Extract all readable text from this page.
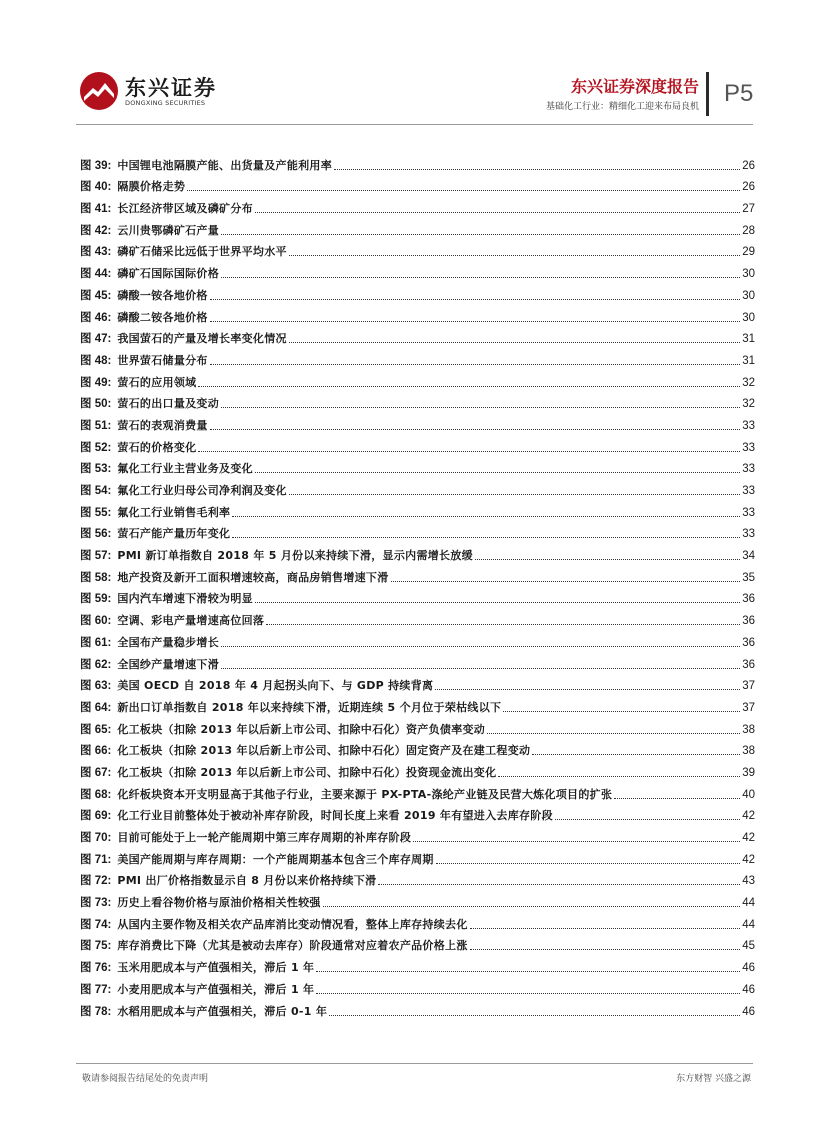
东兴证券
DONGXING SECURITIES
东兴证券深度报告
基础化工行业：精细化工迎来布局良机 P5
图 39: 中国锂电池隔膜产能、出货量及产能利用率	26
图 40: 隔膜价格走势	26
图 41: 长江经济带区域及磷矿分布	27
图 42: 云川贵鄂磷矿石产量	28
图 43: 磷矿石储采比远低于世界平均水平	29
图 44: 磷矿石国际国际价格	30
图 45: 磷酸一铵各地价格	30
图 46: 磷酸二铵各地价格	30
图 47: 我国萤石的产量及增长率变化情况	31
图 48: 世界萤石储量分布	31
图 49: 萤石的应用领域	32
图 50: 萤石的出口量及变动	32
图 51: 萤石的表观消费量	33
图 52: 萤石的价格变化	33
图 53: 氟化工行业主营业务及变化	33
图 54: 氟化工行业归母公司净利润及变化	33
图 55: 氟化工行业销售毛利率	33
图 56: 萤石产能产量历年变化	33
图 57: PMI 新订单指数自 2018 年 5 月份以来持续下滑，显示内需增长放缓	34
图 58: 地产投资及新开工面积增速较高，商品房销售增速下滑	35
图 59: 国内汽车增速下滑较为明显	36
图 60: 空调、彩电产量增速高位回落	36
图 61: 全国布产量稳步增长	36
图 62: 全国纱产量增速下滑	36
图 63: 美国 OECD 自 2018 年 4 月起拐头向下、与 GDP 持续背离	37
图 64: 新出口订单指数自 2018 年以来持续下滑，近期连续 5 个月位于荣枯线以下	37
图 65: 化工板块（扣除 2013 年以后新上市公司、扣除中石化）资产负债率变动	38
图 66: 化工板块（扣除 2013 年以后新上市公司、扣除中石化）固定资产及在建工程变动	38
图 67: 化工板块（扣除 2013 年以后新上市公司、扣除中石化）投资现金流出变化	39
图 68: 化纤板块资本开支明显高于其他子行业，主要来源于 PX-PTA-涤纶产业链及民营大炼化项目的扩张	40
图 69: 化工行业目前整体处于被动补库存阶段，时间长度上来看 2019 年有望进入去库存阶段	42
图 70: 目前可能处于上一轮产能周期中第三库存周期的补库存阶段	42
图 71: 美国产能周期与库存周期：一个产能周期基本包含三个库存周期	42
图 72: PMI 出厂价格指数显示自 8 月份以来价格持续下滑	43
图 73: 历史上看谷物价格与原油价格相关性较强	44
图 74: 从国内主要作物及相关农产品库消比变动情况看，整体上库存持续去化	44
图 75: 库存消费比下降（尤其是被动去库存）阶段通常对应着农产品价格上涨	45
图 76: 玉米用肥成本与产值强相关，滞后 1 年	46
图 77: 小麦用肥成本与产值强相关，滞后 1 年	46
图 78: 水稻用肥成本与产值强相关，滞后 0-1 年	46
敬请参阅报告结尾处的免责声明	东方财智 兴盛之源
